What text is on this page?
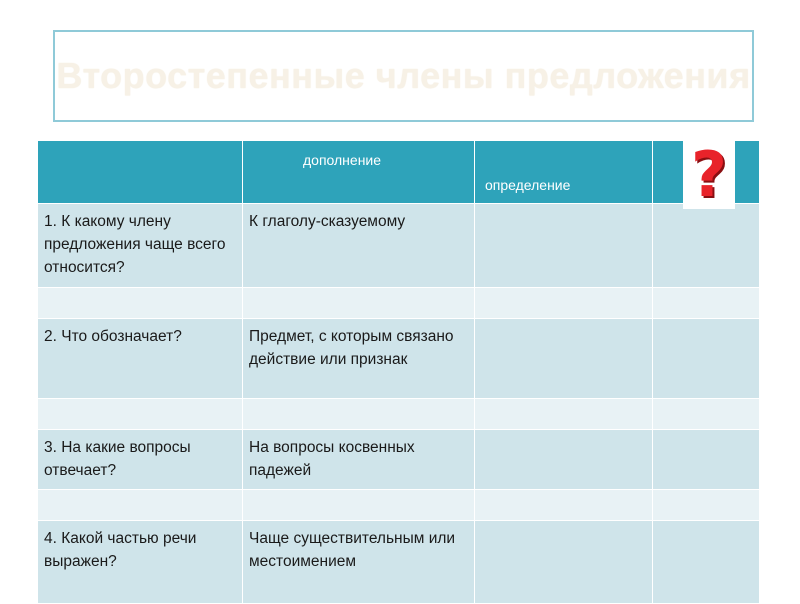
Второстепенные члены предложения
	дополнение	определение	
1. К какому члену предложения чаще всего относится?	К глаголу-сказуемому		

2. Что обозначает?	Предмет, с которым связано действие или признак		

3. На какие вопросы отвечает?	На вопросы косвенных падежей		

4. Какой частью речи выражен?	Чаще существительным или местоимением		
?
